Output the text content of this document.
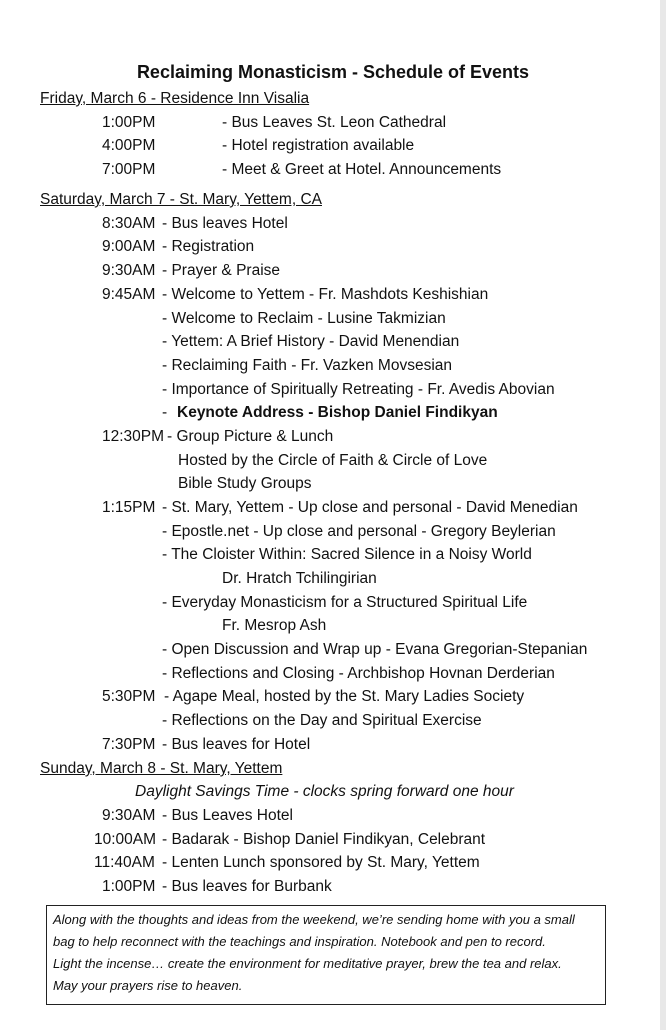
Reclaiming Monasticism - Schedule of Events
Friday, March 6 - Residence Inn Visalia
1:00PM	- Bus Leaves St. Leon Cathedral
4:00PM	- Hotel registration available
7:00PM	- Meet & Greet at Hotel. Announcements
Saturday, March 7 - St. Mary, Yettem, CA
8:30AM - Bus leaves Hotel
9:00AM - Registration
9:30AM - Prayer & Praise
9:45AM - Welcome to Yettem - Fr. Mashdots Keshishian
- Welcome to Reclaim - Lusine Takmizian
- Yettem: A Brief History - David Menendian
- Reclaiming Faith - Fr. Vazken Movsesian
- Importance of Spiritually Retreating - Fr. Avedis Abovian
- Keynote Address - Bishop Daniel Findikyan
12:30PM - Group Picture & Lunch
Hosted by the Circle of Faith & Circle of Love
Bible Study Groups
1:15PM - St. Mary, Yettem - Up close and personal - David Menedian
- Epostle.net - Up close and personal - Gregory Beylerian
- The Cloister Within: Sacred Silence in a Noisy World
Dr. Hratch Tchilingirian
- Everyday Monasticism for a Structured Spiritual Life
Fr. Mesrop Ash
- Open Discussion and Wrap up - Evana Gregorian-Stepanian
- Reflections and Closing - Archbishop Hovnan Derderian
5:30PM - Agape Meal, hosted by the St. Mary Ladies Society
- Reflections on the Day and Spiritual Exercise
7:30PM - Bus leaves for Hotel
Sunday, March 8 - St. Mary, Yettem
Daylight Savings Time - clocks spring forward one hour
9:30AM - Bus Leaves Hotel
10:00AM - Badarak - Bishop Daniel Findikyan, Celebrant
11:40AM - Lenten Lunch sponsored by St. Mary, Yettem
1:00PM - Bus leaves for Burbank
Along with the thoughts and ideas from the weekend, we’re sending home with you a small
bag to help reconnect with the teachings and inspiration. Notebook and pen to record.
Light the incense… create the environment for meditative prayer, brew the tea and relax.
May your prayers rise to heaven.
